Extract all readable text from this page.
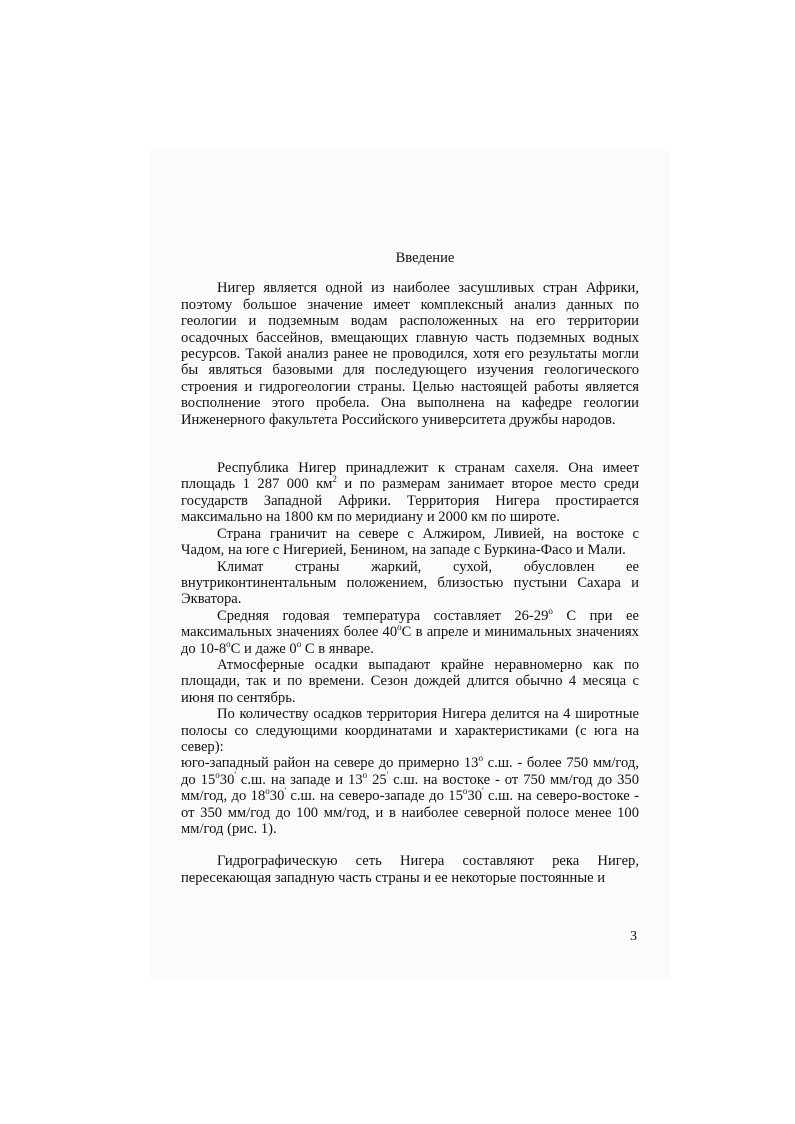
Введение

Нигер является одной из наиболее засушливых стран Африки, поэтому большое значение имеет комплексный анализ данных по геологии и подземным водам расположенных на его территории осадочных бассейнов, вмещающих главную часть подземных водных ресурсов. Такой анализ ранее не проводился, хотя его результаты могли бы являться базовыми для последующего изучения геологического строения и гидрогеологии страны. Целью настоящей работы является восполнение этого пробела. Она выполнена на кафедре геологии Инженерного факультета Российского университета дружбы народов.

Республика Нигер принадлежит к странам сахеля. Она имеет площадь 1 287 000 $км^2$ и по размерам занимает второе место среди государств Западной Африки. Территория Нигера простирается максимально на 1800 км по меридиану и 2000 км по широте.

Страна граничит на севере с Алжиром, Ливией, на востоке с Чадом, на юге с Нигерией, Бенином, на западе с Буркина-Фасо и Мали.

Климат страны жаркий, сухой, обусловлен ее внутриконтинентальным положением, близостью пустыни Сахара и Экватора.

Средняя годовая температура составляет $26-29^о$ С при ее максимальных значениях более $40^оС$ в апреле и минимальных значениях до $10-8^оС$ и даже $0^о$ С в январе.

Атмосферные осадки выпадают крайне неравномерно как по площади, так и по времени. Сезон дождей длится обычно 4 месяца с июня по сентябрь.

По количеству осадков территория Нигера делится на 4 широтные полосы со следующими координатами и характеристиками (с юга на север):

юго-западный район на севере до примерно $13^о$ с.ш. - более 750 мм/год, до $15^о30'$ с.ш. на западе и $13^о$ 25' с.ш. на востоке - от 750 мм/год до 350 мм/год, до $18^о30'$ с.ш. на северо-западе до $15^о30'$ с.ш. на северо-востоке - от 350 мм/год до 100 мм/год, и в наиболее северной полосе менее 100 мм/год (рис. 1).

Гидрографическую сеть Нигера составляют река Нигер, пересекающая западную часть страны и ее некоторые постоянные и

3
